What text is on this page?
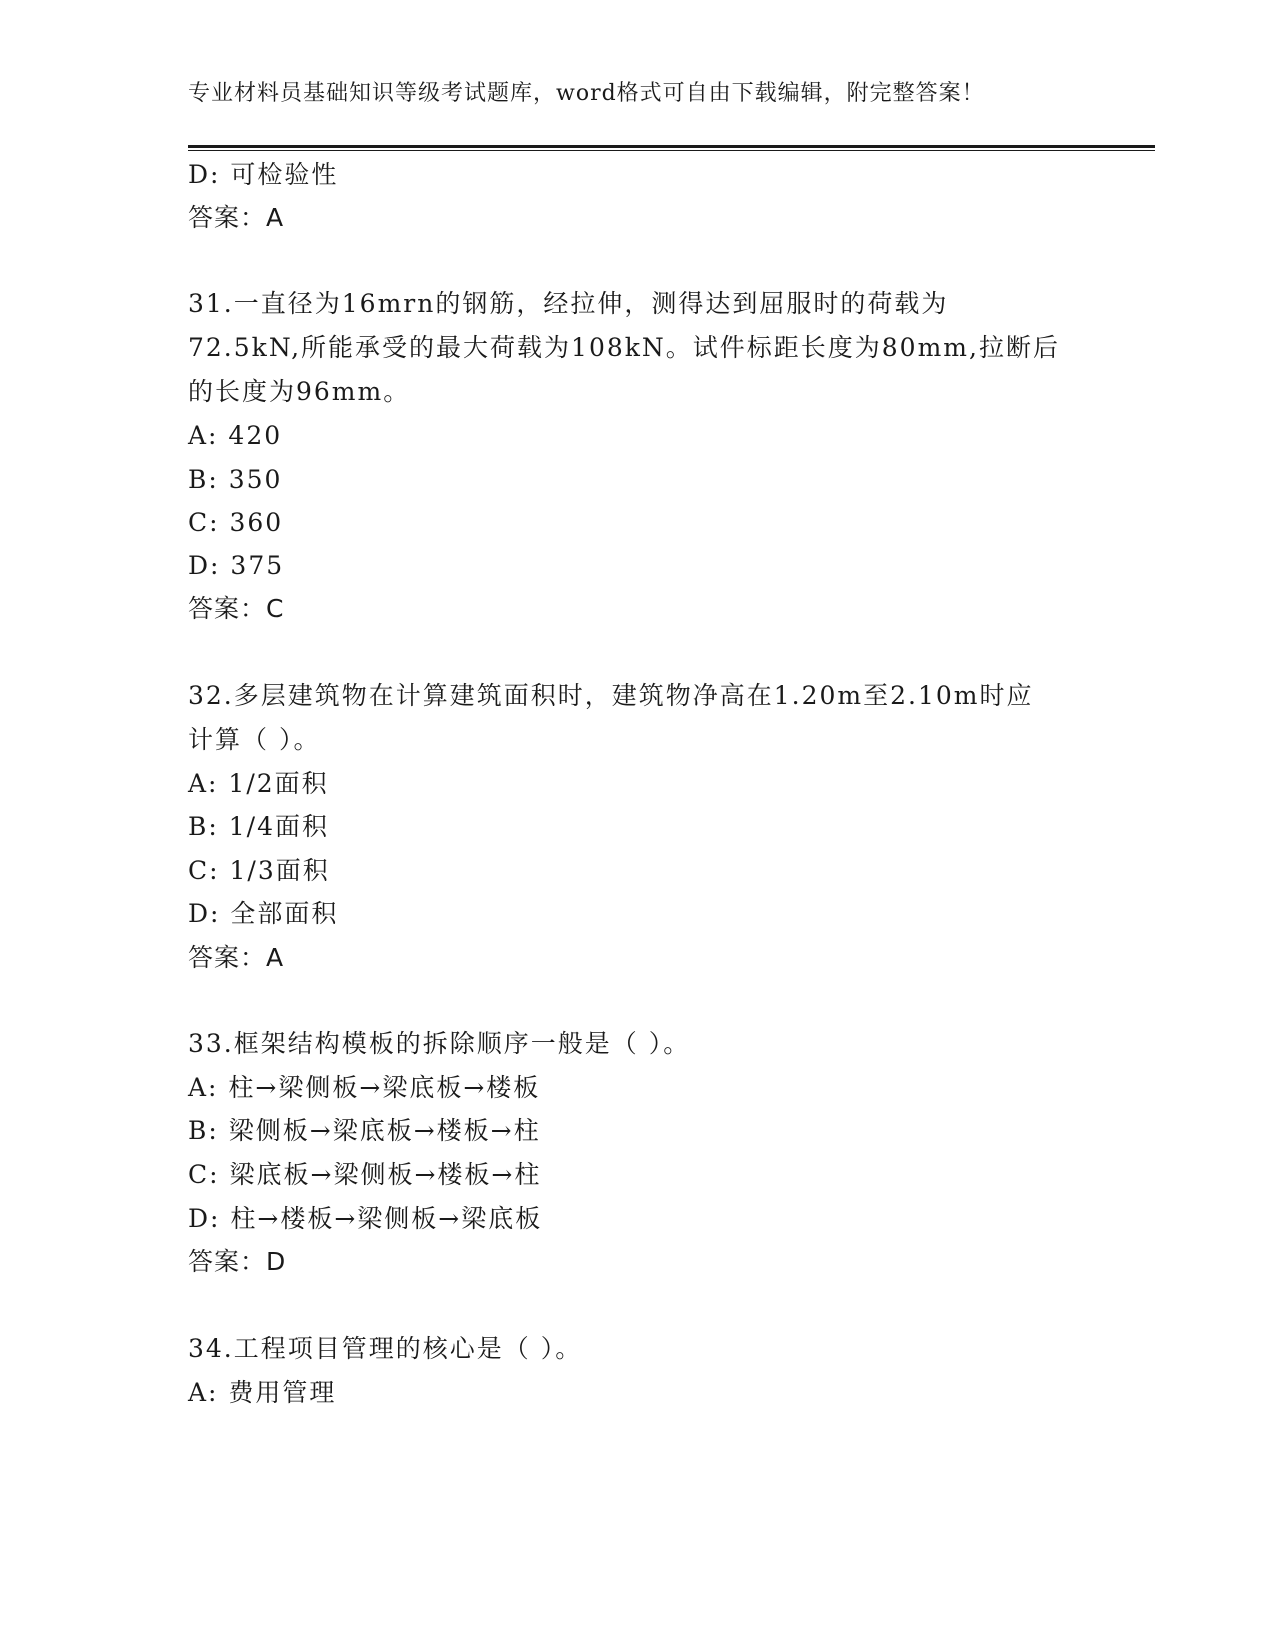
专业材料员基础知识等级考试题库，word格式可自由下载编辑，附完整答案！
D: 可检验性
答案：A
31.一直径为16mrn的钢筋，经拉伸，测得达到屈服时的荷载为
72.5kN,所能承受的最大荷载为108kN。试件标距长度为80mm,拉断后
的长度为96mm。
A: 420
B: 350
C: 360
D: 375
答案：C
32.多层建筑物在计算建筑面积时，建筑物净高在1.20m至2.10m时应
计算（ ）。
A: 1/2面积
B: 1/4面积
C: 1/3面积
D: 全部面积
答案：A
33.框架结构模板的拆除顺序一般是（ ）。
A: 柱→梁侧板→梁底板→楼板
B: 梁侧板→梁底板→楼板→柱
C: 梁底板→梁侧板→楼板→柱
D: 柱→楼板→梁侧板→梁底板
答案：D
34.工程项目管理的核心是（ ）。
A: 费用管理
